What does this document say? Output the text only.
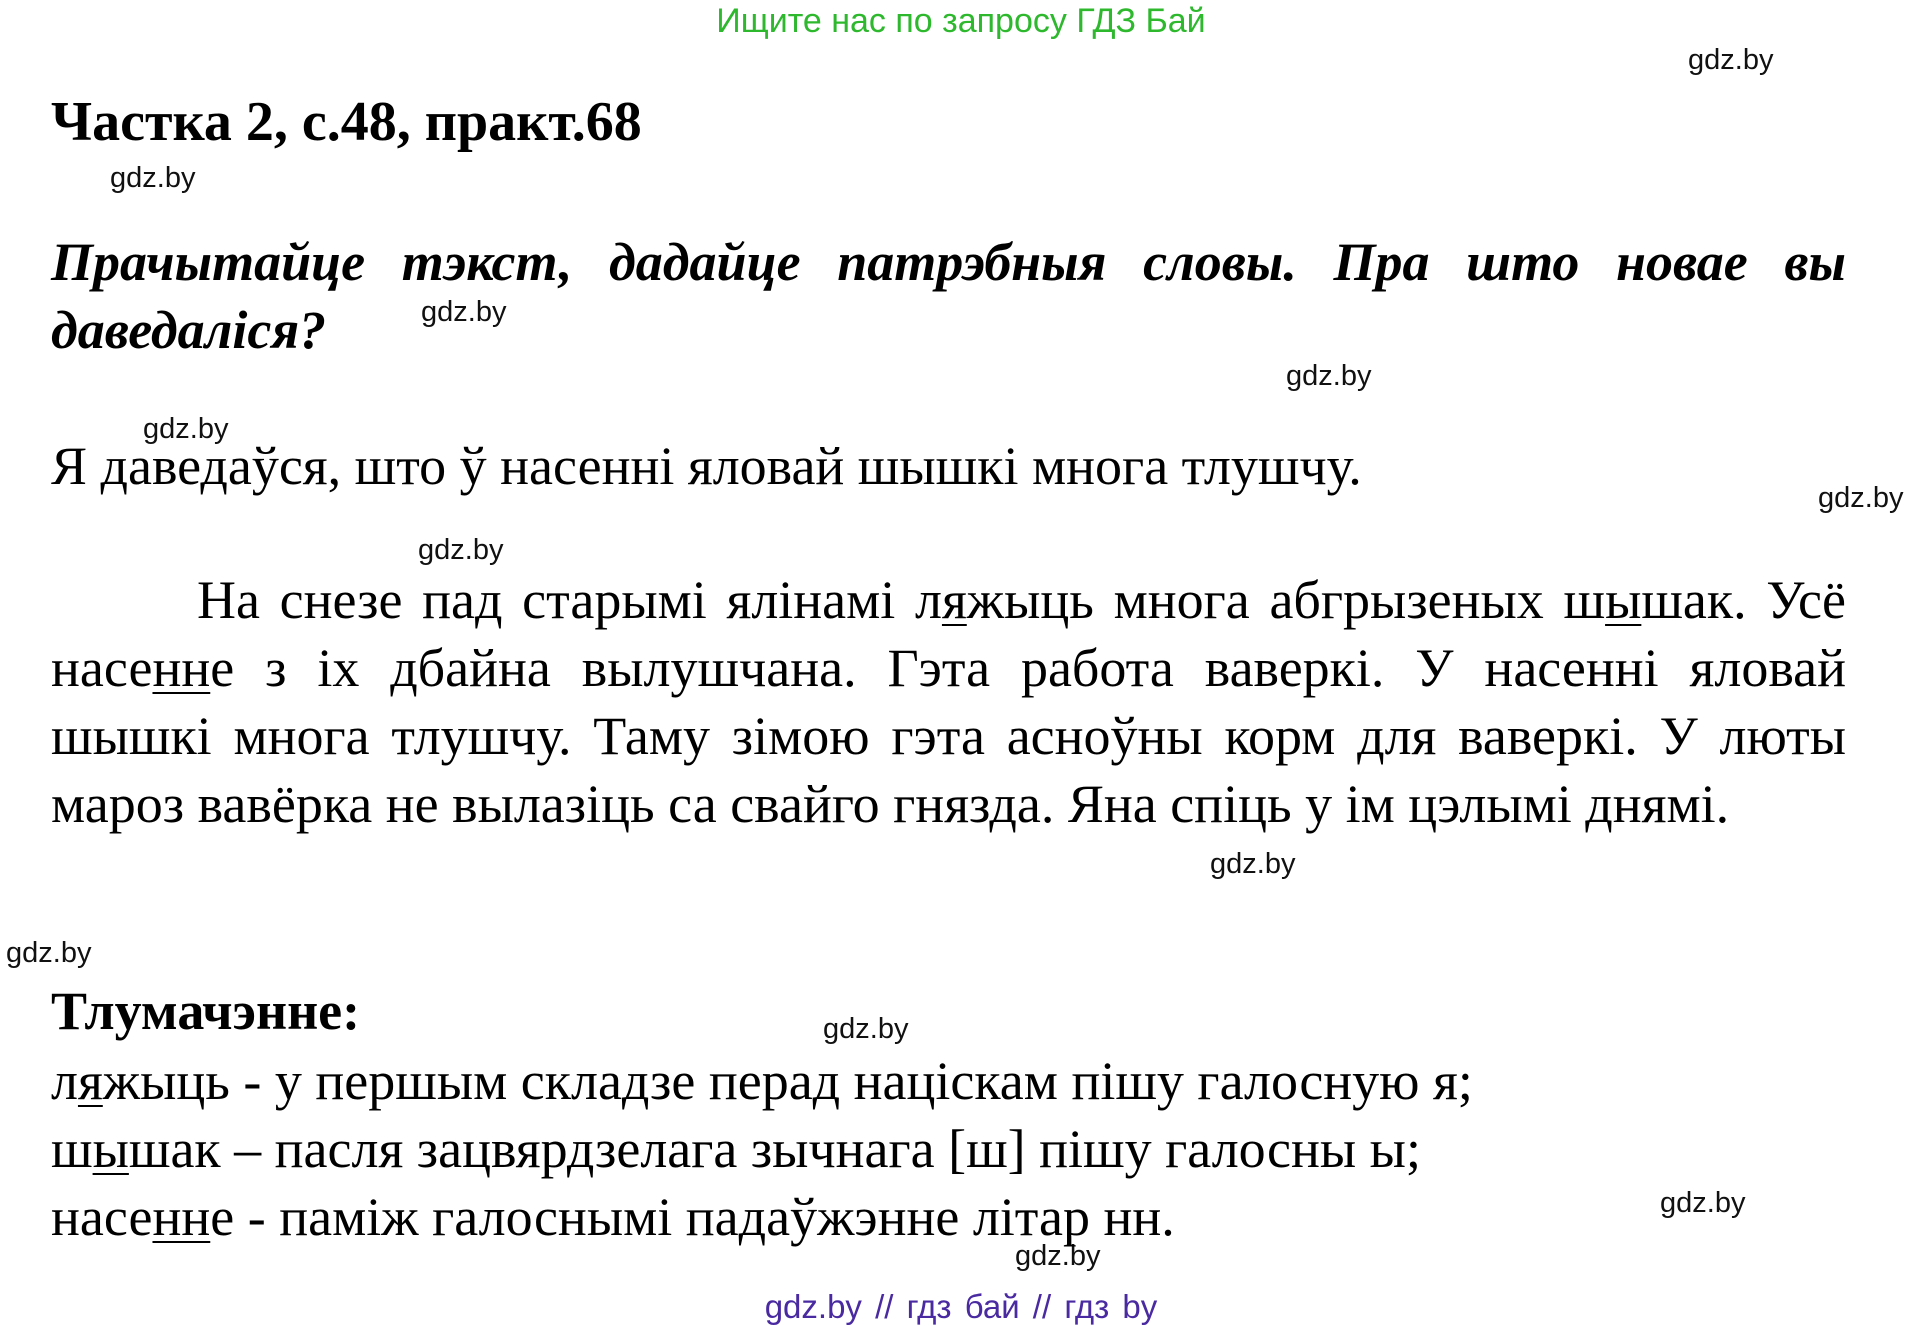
Ищите нас по запросу ГДЗ Бай
gdz.by
gdz.by
gdz.by
gdz.by
gdz.by
gdz.by
gdz.by
gdz.by
gdz.by
gdz.by
gdz.by
gdz.by
Частка 2, с.48, практ.68
Прачытайце тэкст, дадайце патрэбныя словы. Пра што новае вы даведаліся?
Я даведаўся, што ў насенні яловай шышкі многа тлушчу.
На снезе пад старымі ялінамі ляжыць многа абгрызеных шышак. Усё насенне з іх дбайна вылушчана. Гэта работа ваверкі. У насенні яловай шышкі многа тлушчу. Таму зімою гэта асноўны корм для ваверкі. У люты мароз вавёрка не вылазіць са свайго гнязда. Яна спіць у ім цэлымі днямі.
Тлумачэнне:
ляжыць - у першым складзе перад націскам пішу галосную я;
шышак – пасля зацвярдзелага зычнага [ш] пішу галосны ы;
насенне - паміж галоснымі падаўжэнне літар нн.
gdz.by // гдз бай // гдз by
